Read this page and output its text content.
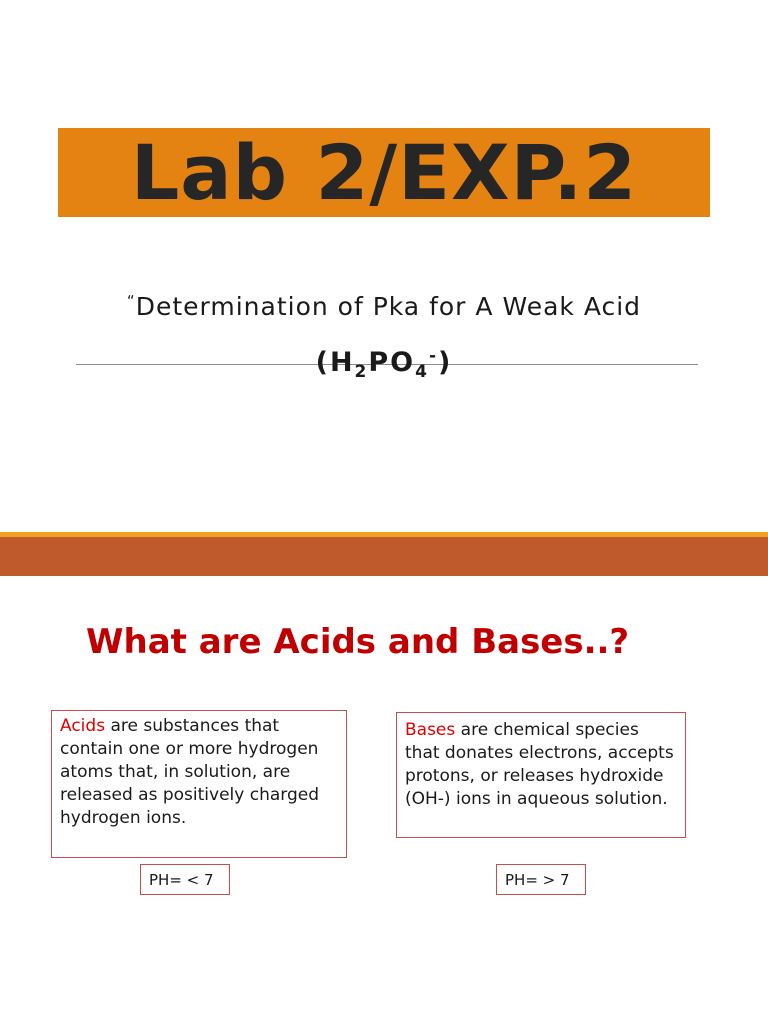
Lab 2/EXP.2
“Determination of Pka for A Weak Acid
$(H_2PO_4^-)$
What are Acids and Bases..?
Acids are substances that contain one or more hydrogen atoms that, in solution, are released as positively charged hydrogen ions.
Bases are chemical species that donates electrons, accepts protons, or releases hydroxide (OH-) ions in aqueous solution.
PH= < 7	PH= > 7
